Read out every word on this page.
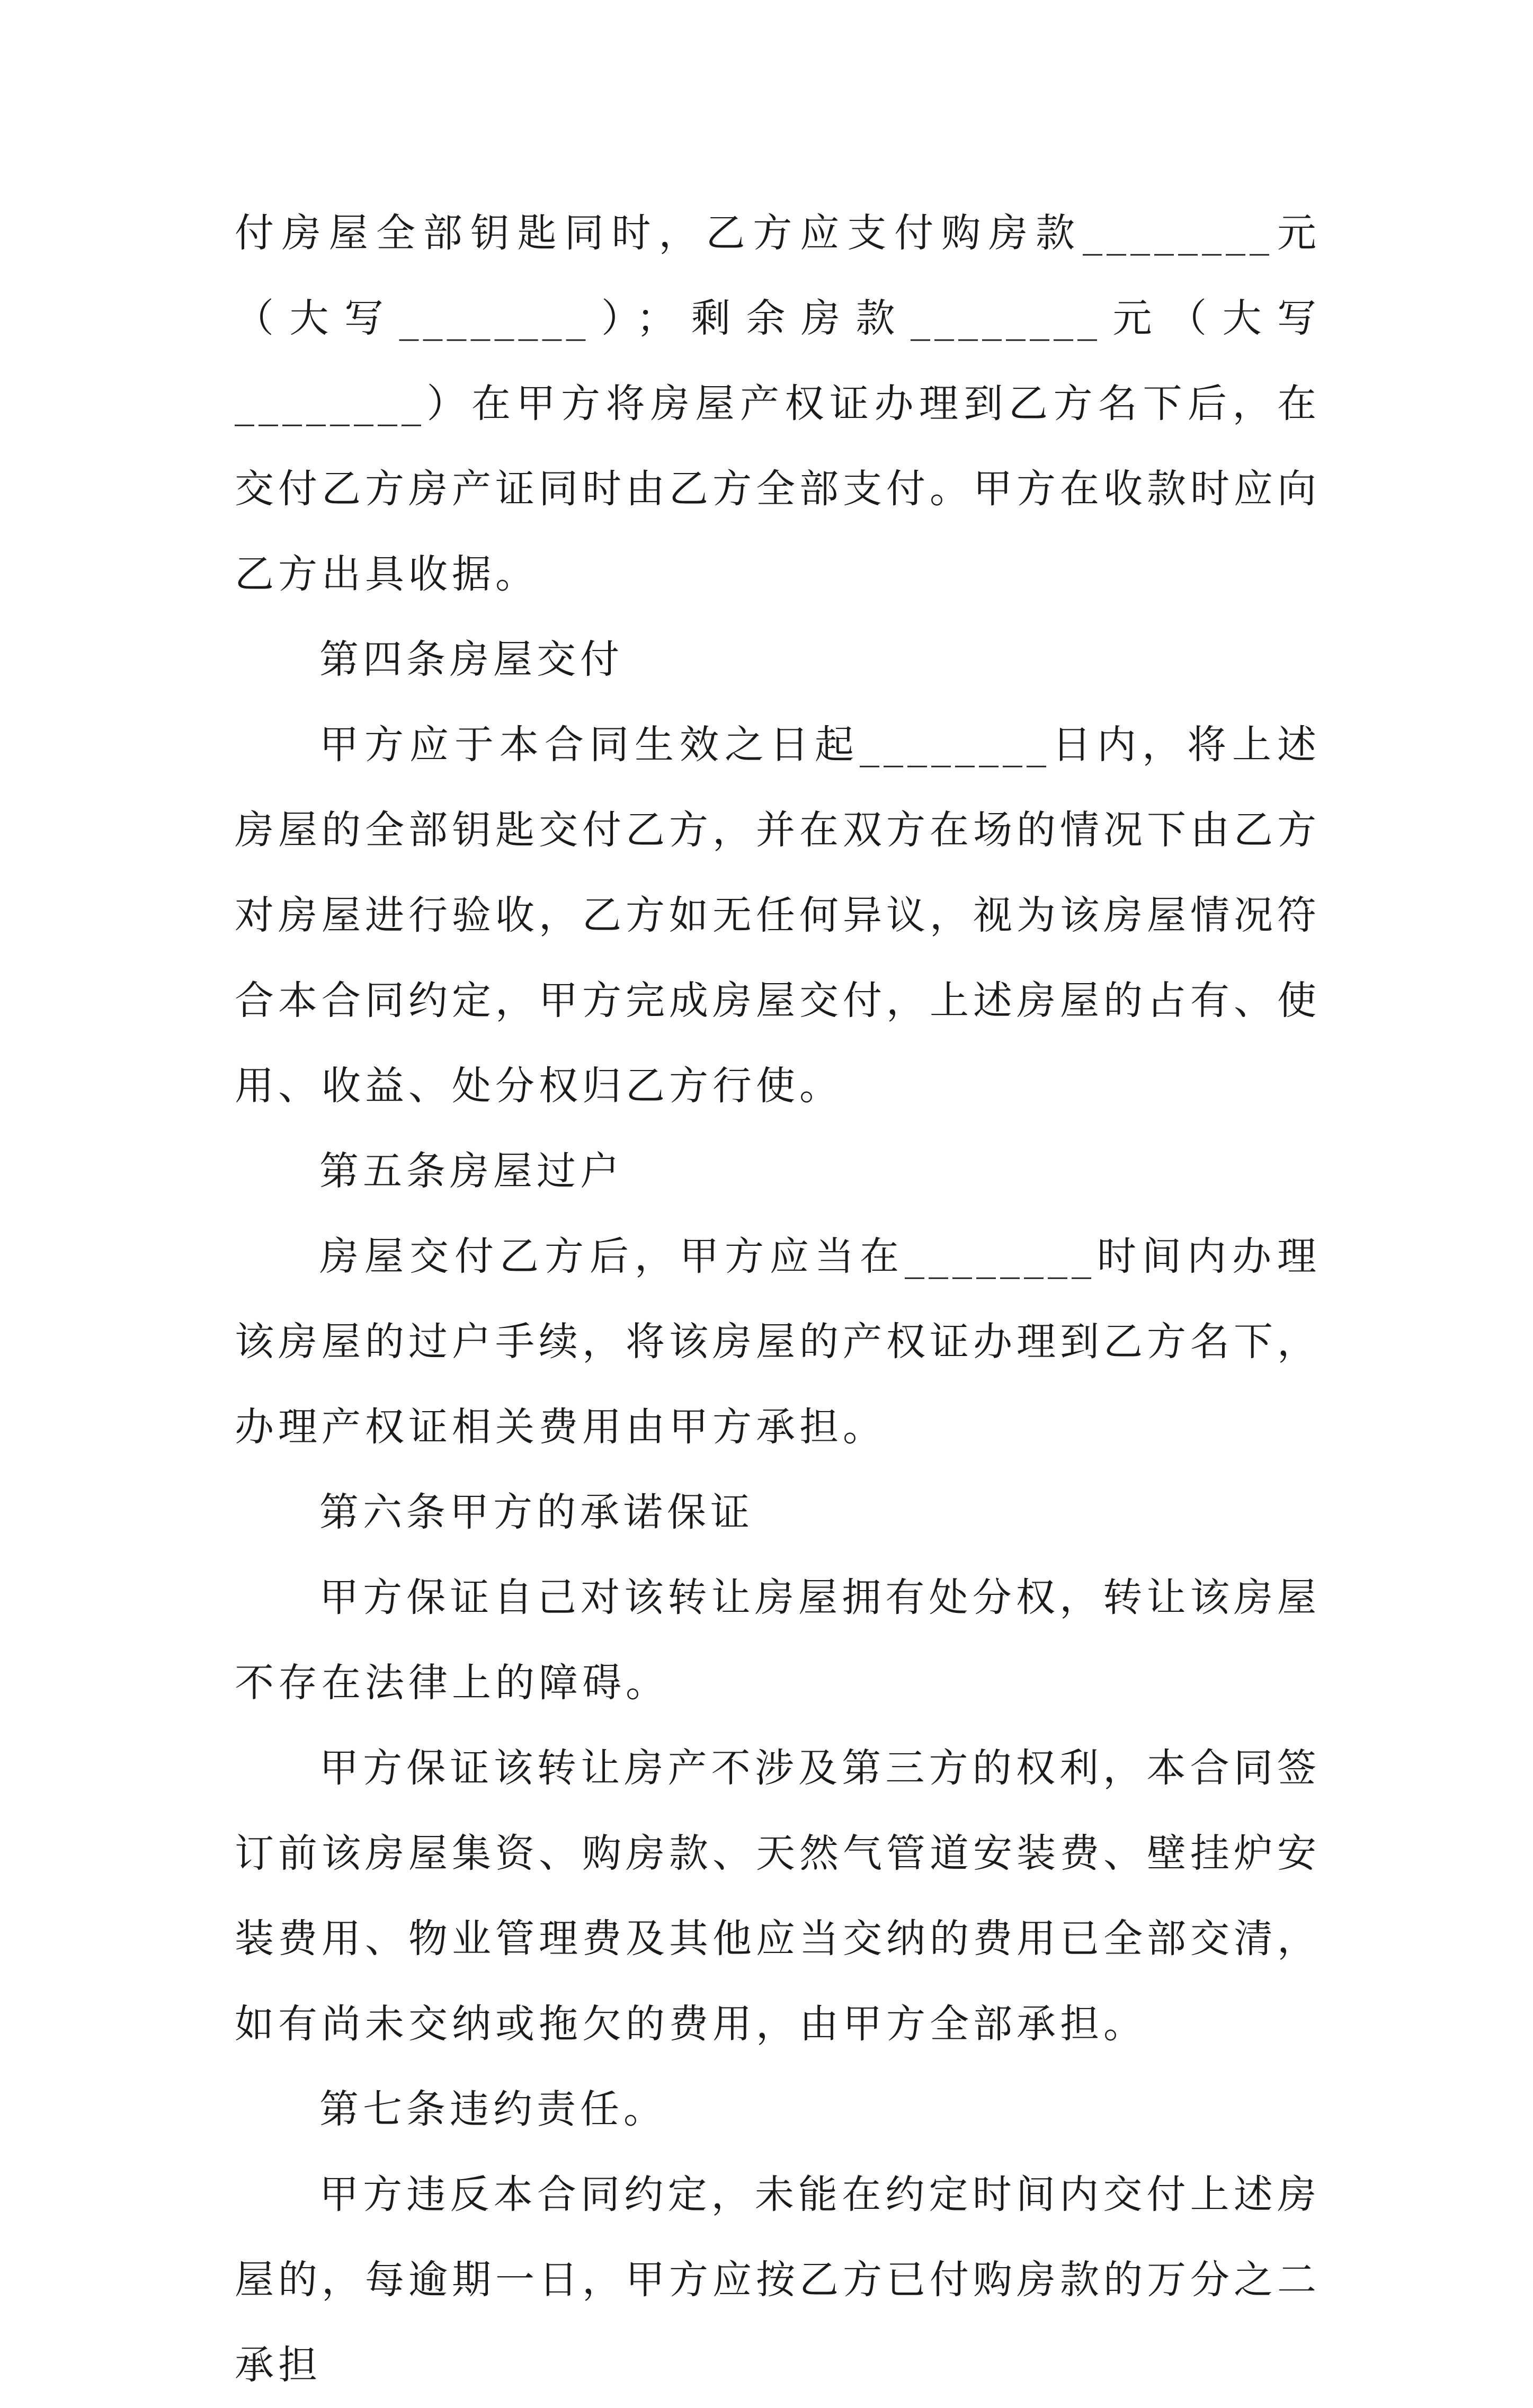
付房屋全部钥匙同时，乙方应支付购房款________元（大写________）；剩余房款________元（大写________）在甲方将房屋产权证办理到乙方名下后，在交付乙方房产证同时由乙方全部支付。甲方在收款时应向乙方出具收据。

第四条房屋交付

甲方应于本合同生效之日起________日内，将上述房屋的全部钥匙交付乙方，并在双方在场的情况下由乙方对房屋进行验收，乙方如无任何异议，视为该房屋情况符合本合同约定，甲方完成房屋交付，上述房屋的占有、使用、收益、处分权归乙方行使。

第五条房屋过户

房屋交付乙方后，甲方应当在________时间内办理该房屋的过户手续，将该房屋的产权证办理到乙方名下，办理产权证相关费用由甲方承担。

第六条甲方的承诺保证

甲方保证自己对该转让房屋拥有处分权，转让该房屋不存在法律上的障碍。

甲方保证该转让房产不涉及第三方的权利，本合同签订前该房屋集资、购房款、天然气管道安装费、壁挂炉安装费用、物业管理费及其他应当交纳的费用已全部交清，如有尚未交纳或拖欠的费用，由甲方全部承担。

第七条违约责任。

甲方违反本合同约定，未能在约定时间内交付上述房屋的，每逾期一日，甲方应按乙方已付购房款的万分之二承担
